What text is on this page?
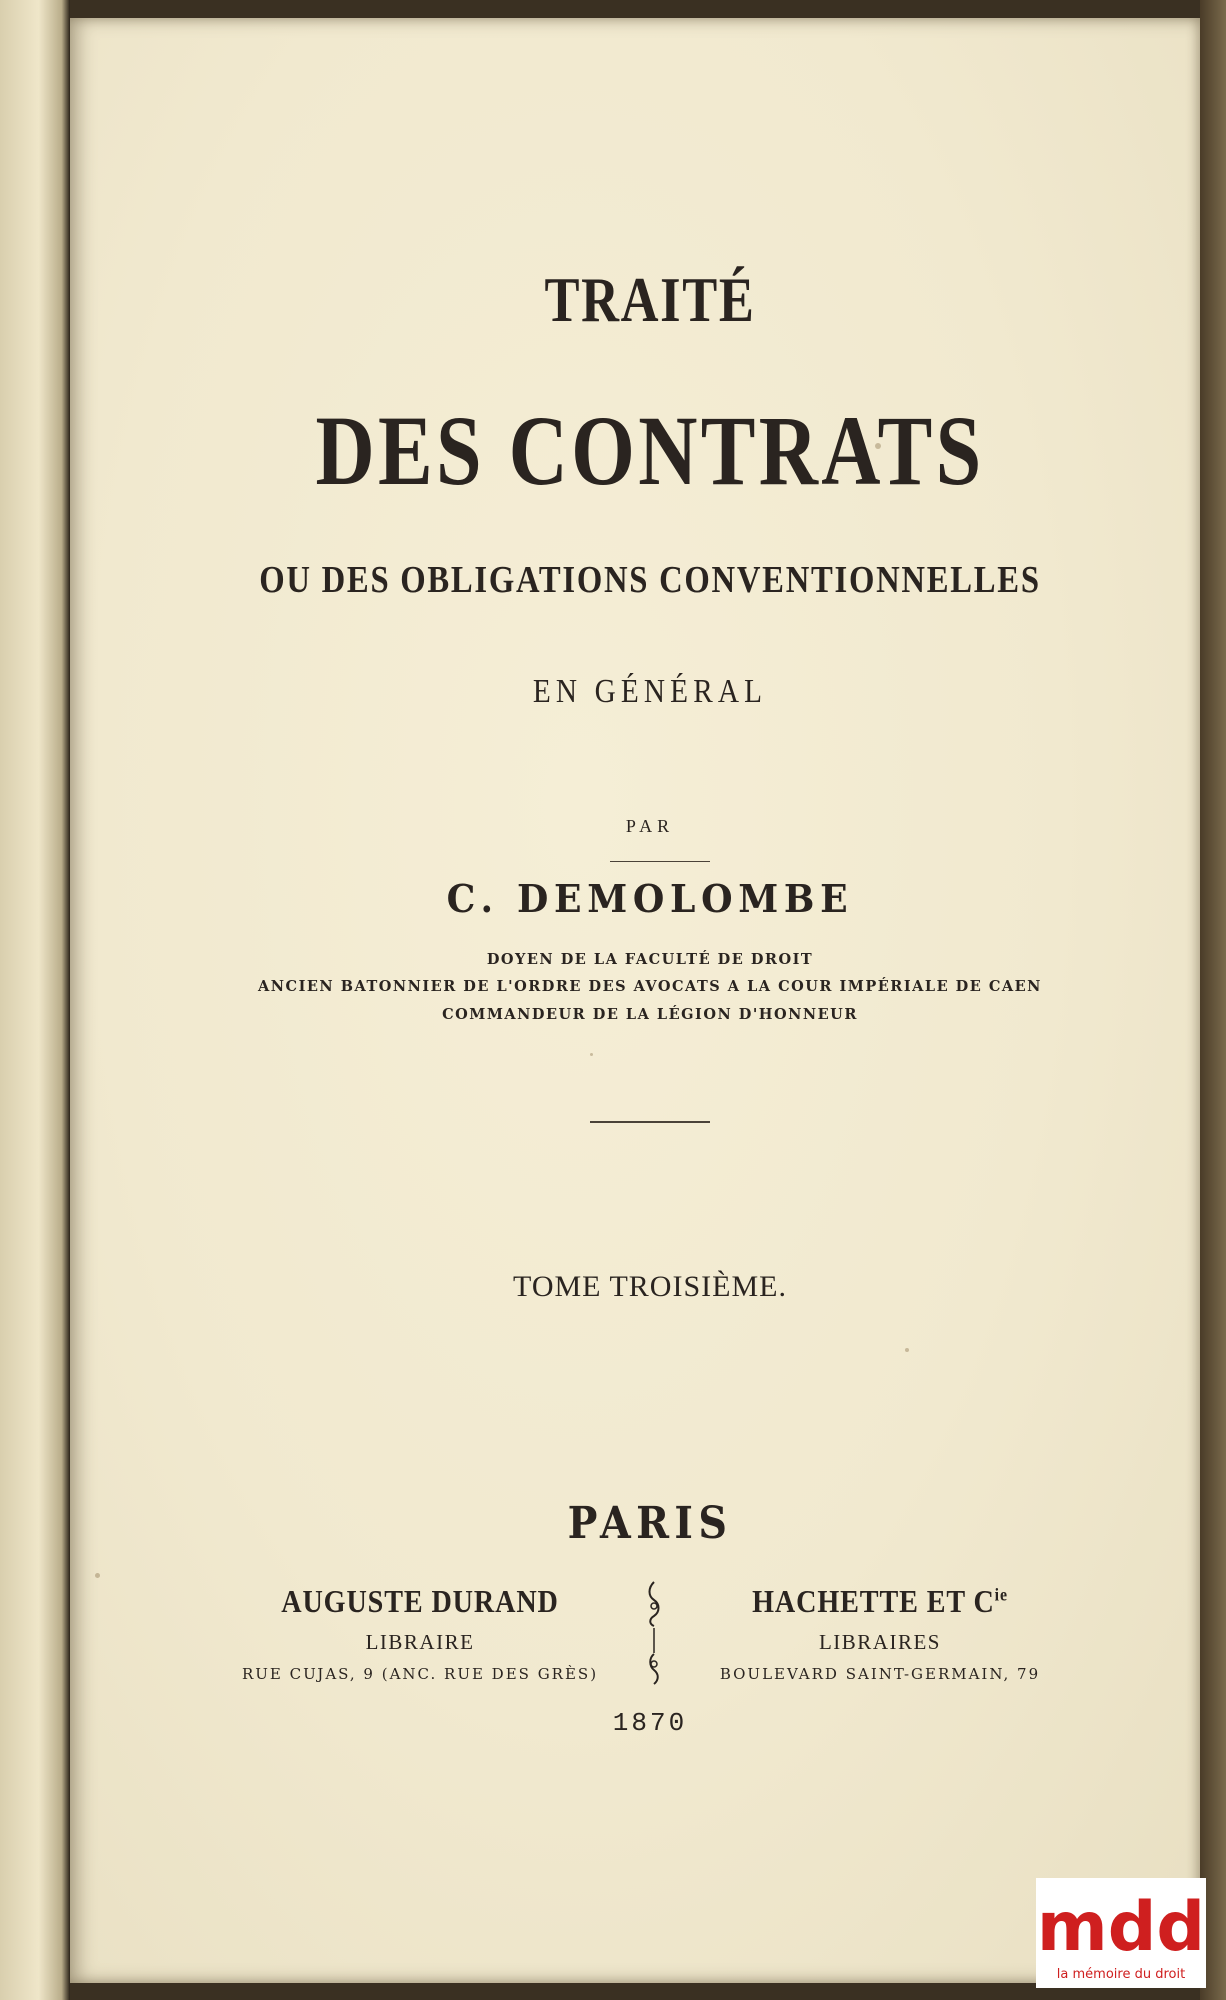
TRAITÉ
DES CONTRATS
OU DES OBLIGATIONS CONVENTIONNELLES
EN GÉNÉRAL
PAR
C. DEMOLOMBE
DOYEN DE LA FACULTÉ DE DROIT
ANCIEN BATONNIER DE L'ORDRE DES AVOCATS A LA COUR IMPÉRIALE DE CAEN
COMMANDEUR DE LA LÉGION D'HONNEUR
TOME TROISIÈME.
PARIS
AUGUSTE DURAND
LIBRAIRE
RUE CUJAS, 9 (ANC. RUE DES GRÈS)
HACHETTE ET $C^{ie}$
LIBRAIRES
BOULEVARD SAINT-GERMAIN, 79
1870
mdd
la mémoire du droit
